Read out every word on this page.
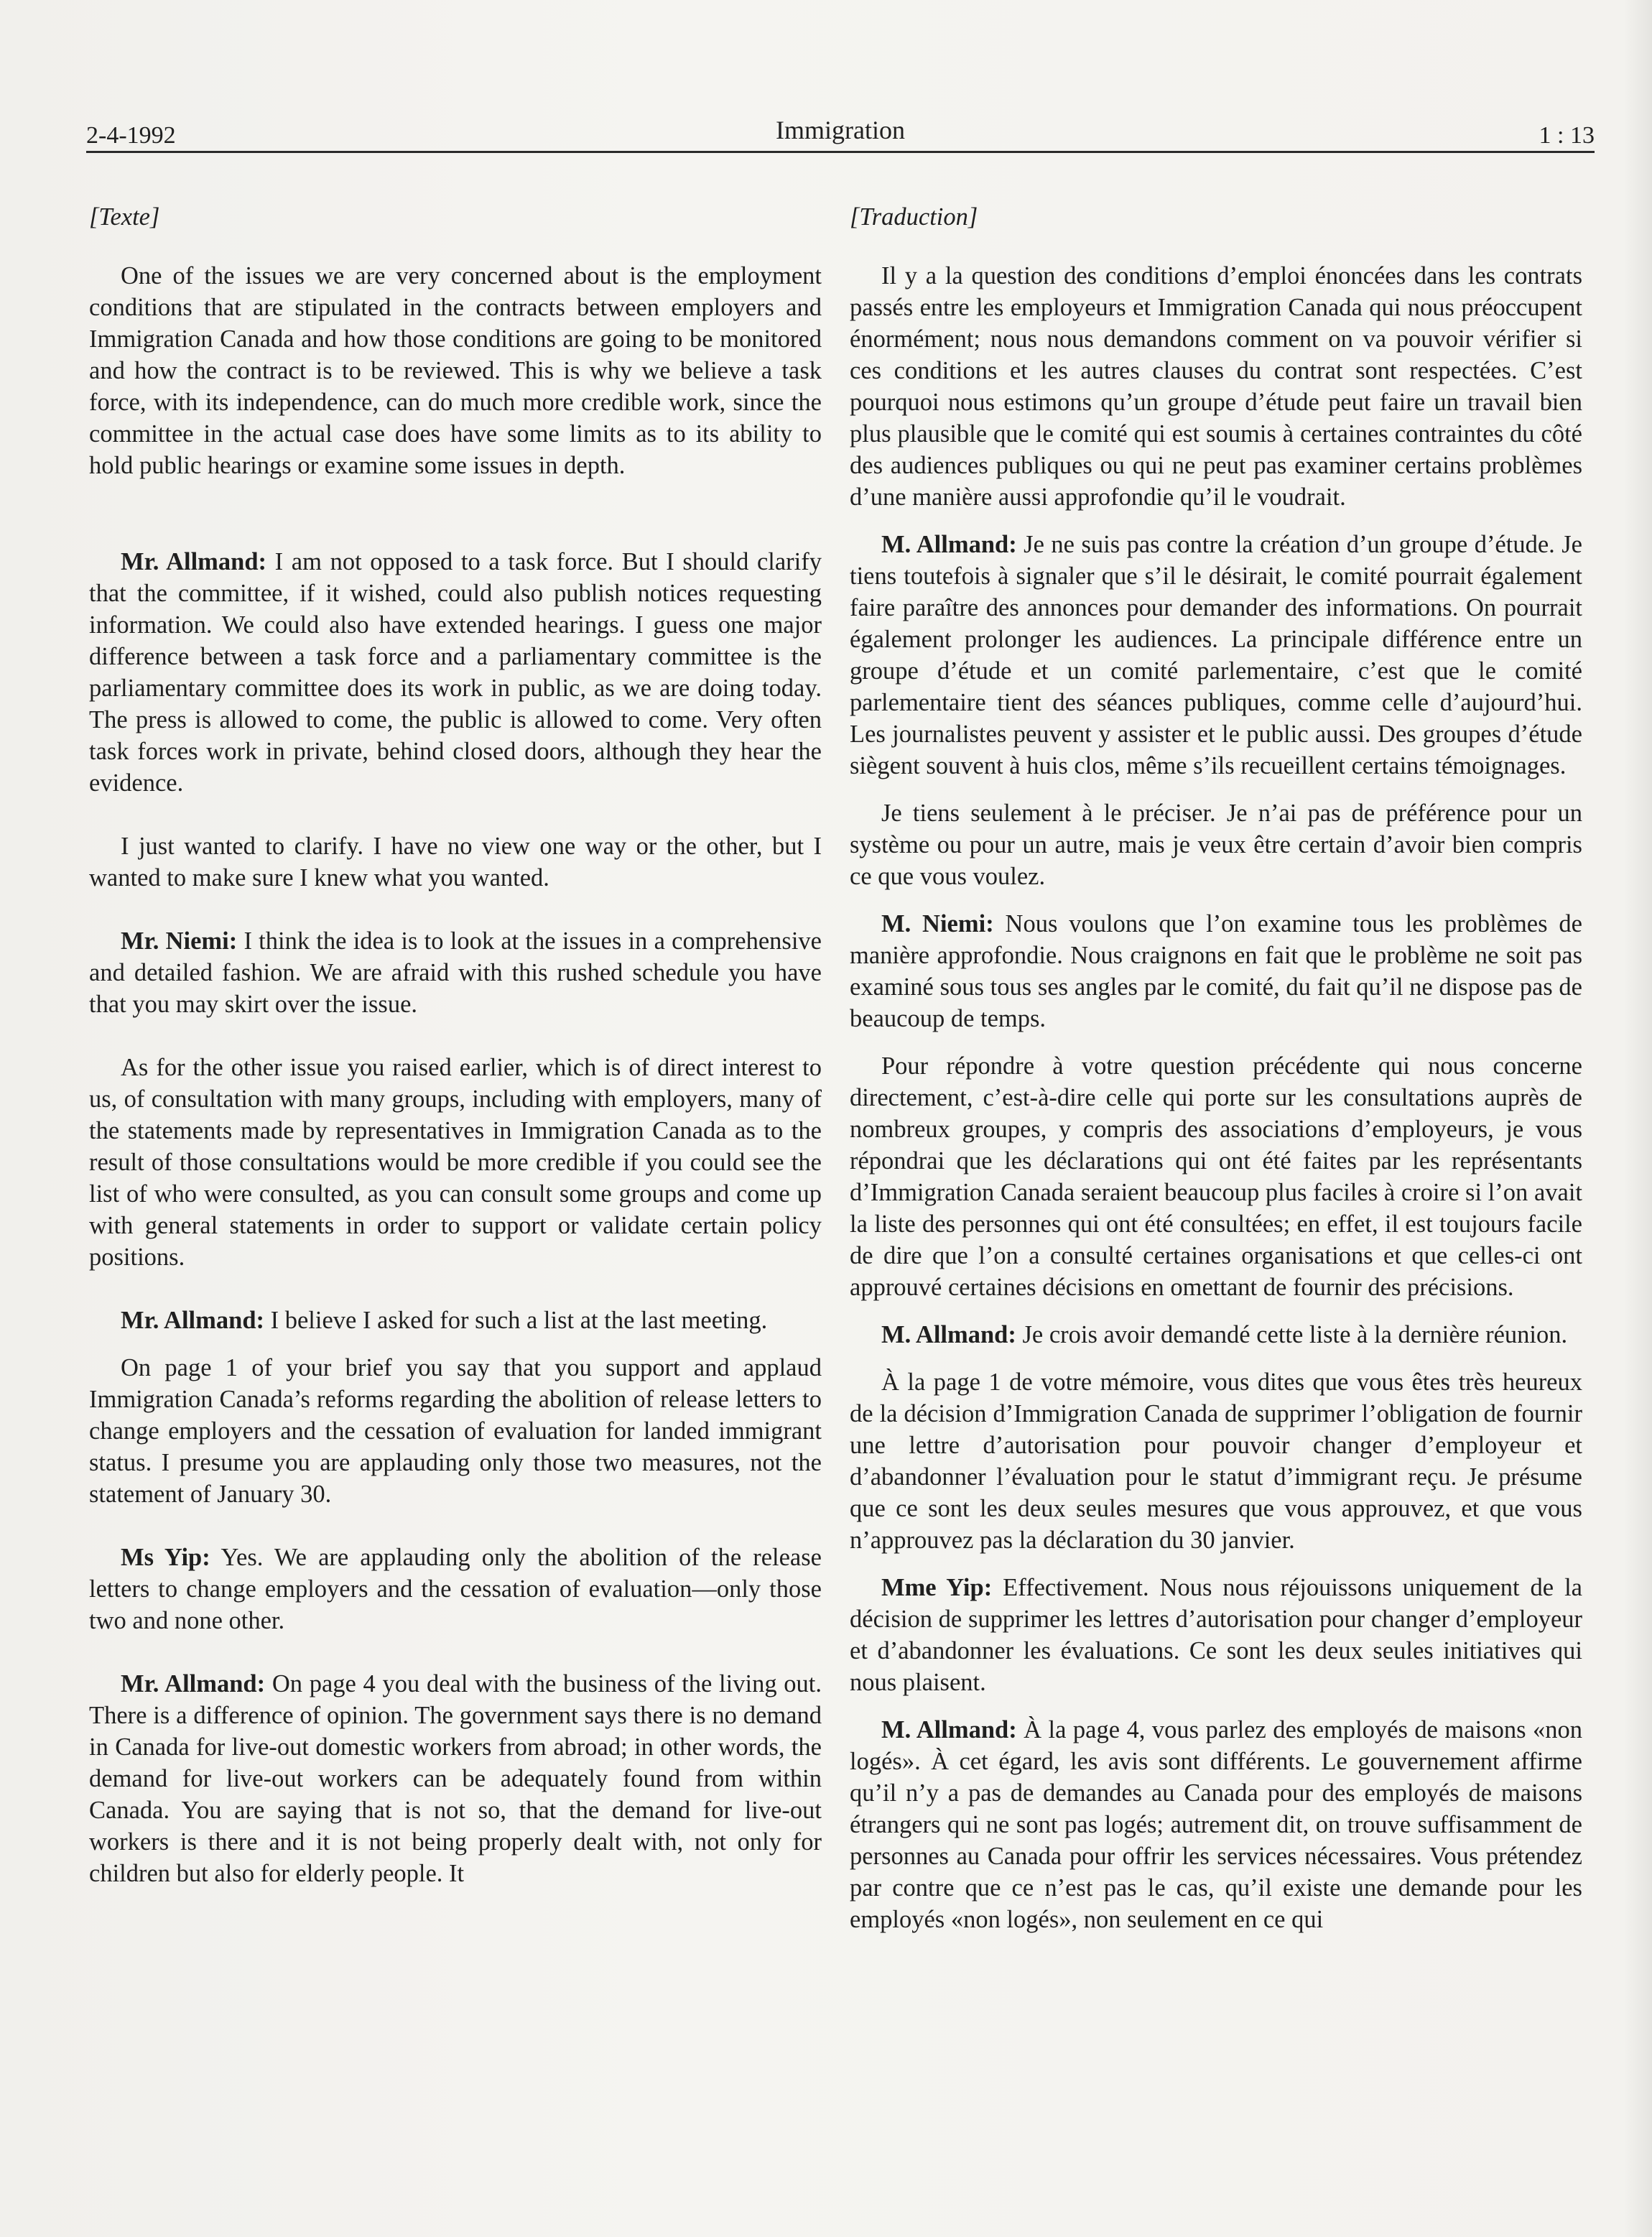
2-4-1992	Immigration	1 : 13
[Texte]

One of the issues we are very concerned about is the employment conditions that are stipulated in the contracts between employers and Immigration Canada and how those conditions are going to be monitored and how the contract is to be reviewed. This is why we believe a task force, with its independence, can do much more credible work, since the committee in the actual case does have some limits as to its ability to hold public hearings or examine some issues in depth.

Mr. Allmand: I am not opposed to a task force. But I should clarify that the committee, if it wished, could also publish notices requesting information. We could also have extended hearings. I guess one major difference between a task force and a parliamentary committee is the parliamentary committee does its work in public, as we are doing today. The press is allowed to come, the public is allowed to come. Very often task forces work in private, behind closed doors, although they hear the evidence.

I just wanted to clarify. I have no view one way or the other, but I wanted to make sure I knew what you wanted.

Mr. Niemi: I think the idea is to look at the issues in a comprehensive and detailed fashion. We are afraid with this rushed schedule you have that you may skirt over the issue.

As for the other issue you raised earlier, which is of direct interest to us, of consultation with many groups, including with employers, many of the statements made by representatives in Immigration Canada as to the result of those consultations would be more credible if you could see the list of who were consulted, as you can consult some groups and come up with general statements in order to support or validate certain policy positions.

Mr. Allmand: I believe I asked for such a list at the last meeting.

On page 1 of your brief you say that you support and applaud Immigration Canada’s reforms regarding the abolition of release letters to change employers and the cessation of evaluation for landed immigrant status. I presume you are applauding only those two measures, not the statement of January 30.

Ms Yip: Yes. We are applauding only the abolition of the release letters to change employers and the cessation of evaluation—only those two and none other.

Mr. Allmand: On page 4 you deal with the business of the living out. There is a difference of opinion. The government says there is no demand in Canada for live-out domestic workers from abroad; in other words, the demand for live-out workers can be adequately found from within Canada. You are saying that is not so, that the demand for live-out workers is there and it is not being properly dealt with, not only for children but also for elderly people. It

[Traduction]

Il y a la question des conditions d’emploi énoncées dans les contrats passés entre les employeurs et Immigration Canada qui nous préoccupent énormément; nous nous demandons comment on va pouvoir vérifier si ces conditions et les autres clauses du contrat sont respectées. C’est pourquoi nous estimons qu’un groupe d’étude peut faire un travail bien plus plausible que le comité qui est soumis à certaines contraintes du côté des audiences publiques ou qui ne peut pas examiner certains problèmes d’une manière aussi approfondie qu’il le voudrait.

M. Allmand: Je ne suis pas contre la création d’un groupe d’étude. Je tiens toutefois à signaler que s’il le désirait, le comité pourrait également faire paraître des annonces pour demander des informations. On pourrait également prolonger les audiences. La principale différence entre un groupe d’étude et un comité parlementaire, c’est que le comité parlementaire tient des séances publiques, comme celle d’aujourd’hui. Les journalistes peuvent y assister et le public aussi. Des groupes d’étude siègent souvent à huis clos, même s’ils recueillent certains témoignages.

Je tiens seulement à le préciser. Je n’ai pas de préférence pour un système ou pour un autre, mais je veux être certain d’avoir bien compris ce que vous voulez.

M. Niemi: Nous voulons que l’on examine tous les problèmes de manière approfondie. Nous craignons en fait que le problème ne soit pas examiné sous tous ses angles par le comité, du fait qu’il ne dispose pas de beaucoup de temps.

Pour répondre à votre question précédente qui nous concerne directement, c’est-à-dire celle qui porte sur les consultations auprès de nombreux groupes, y compris des associations d’employeurs, je vous répondrai que les déclarations qui ont été faites par les représentants d’Immigration Canada seraient beaucoup plus faciles à croire si l’on avait la liste des personnes qui ont été consultées; en effet, il est toujours facile de dire que l’on a consulté certaines organisations et que celles-ci ont approuvé certaines décisions en omettant de fournir des précisions.

M. Allmand: Je crois avoir demandé cette liste à la dernière réunion.

À la page 1 de votre mémoire, vous dites que vous êtes très heureux de la décision d’Immigration Canada de supprimer l’obligation de fournir une lettre d’autorisation pour pouvoir changer d’employeur et d’abandonner l’évaluation pour le statut d’immigrant reçu. Je présume que ce sont les deux seules mesures que vous approuvez, et que vous n’approuvez pas la déclaration du 30 janvier.

Mme Yip: Effectivement. Nous nous réjouissons uniquement de la décision de supprimer les lettres d’autorisation pour changer d’employeur et d’abandonner les évaluations. Ce sont les deux seules initiatives qui nous plaisent.

M. Allmand: À la page 4, vous parlez des employés de maisons «non logés». À cet égard, les avis sont différents. Le gouvernement affirme qu’il n’y a pas de demandes au Canada pour des employés de maisons étrangers qui ne sont pas logés; autrement dit, on trouve suffisamment de personnes au Canada pour offrir les services nécessaires. Vous prétendez par contre que ce n’est pas le cas, qu’il existe une demande pour les employés «non logés», non seulement en ce qui
